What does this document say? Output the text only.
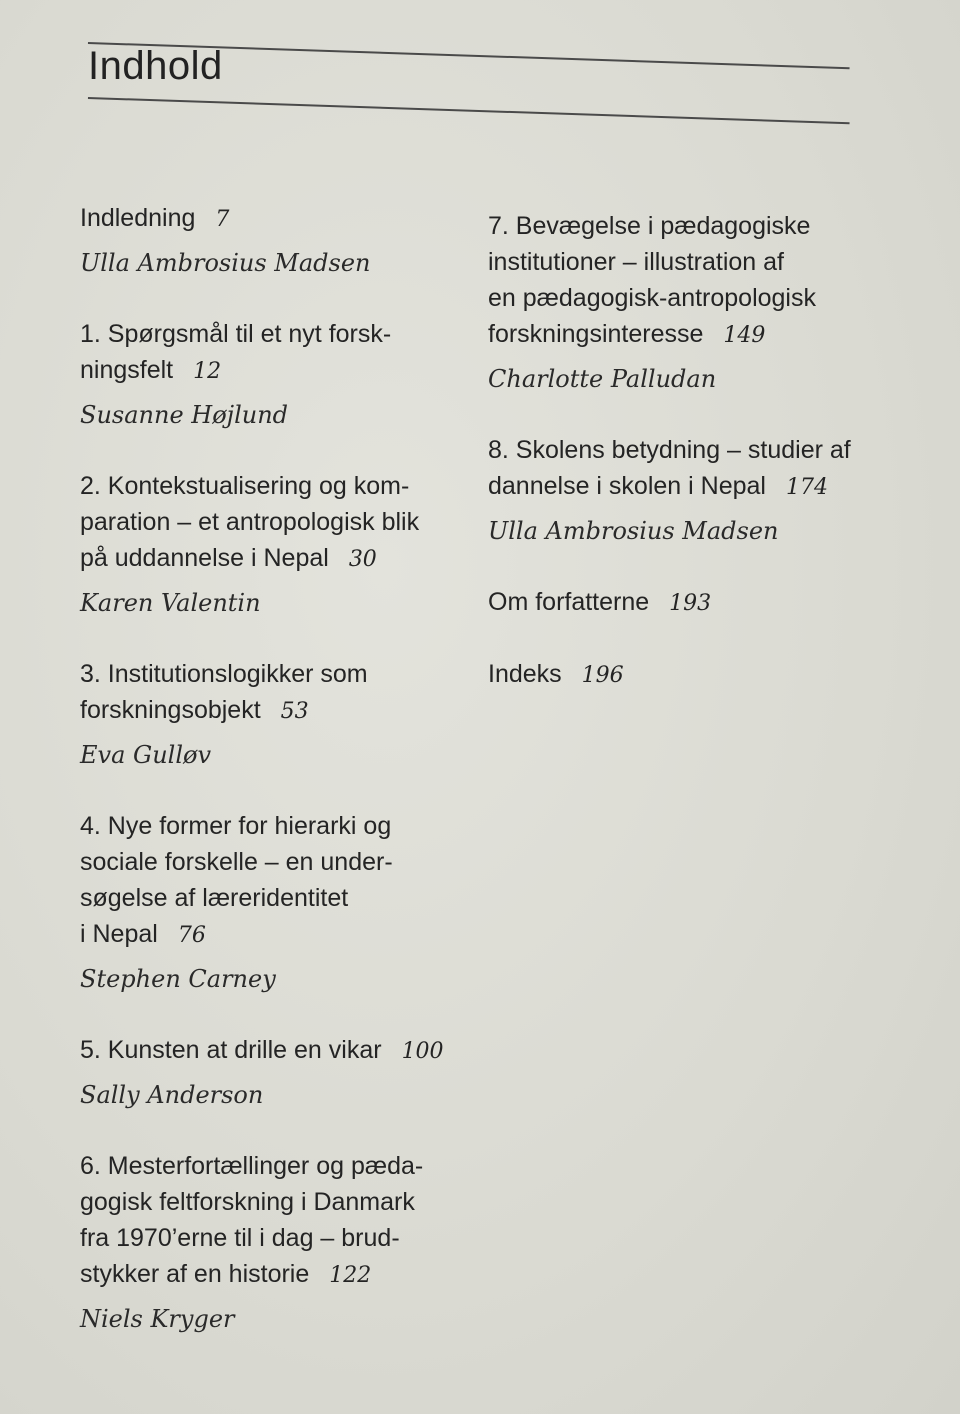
Indhold
Indledning 7
Ulla Ambrosius Madsen
1. Spørgsmål til et nyt forsk-
ningsfelt 12
Susanne Højlund
2. Kontekstualisering og kom-
paration – et antropologisk blik
på uddannelse i Nepal 30
Karen Valentin
3. Institutionslogikker som
forskningsobjekt 53
Eva Gulløv
4. Nye former for hierarki og
sociale forskelle – en under-
søgelse af læreridentitet
i Nepal 76
Stephen Carney
5. Kunsten at drille en vikar 100
Sally Anderson
6. Mesterfortællinger og pæda-
gogisk feltforskning i Danmark
fra 1970’erne til i dag – brud-
stykker af en historie 122
Niels Kryger
7. Bevægelse i pædagogiske
institutioner – illustration af
en pædagogisk-antropologisk
forskningsinteresse 149
Charlotte Palludan
8. Skolens betydning – studier af
dannelse i skolen i Nepal 174
Ulla Ambrosius Madsen
Om forfatterne 193
Indeks 196
